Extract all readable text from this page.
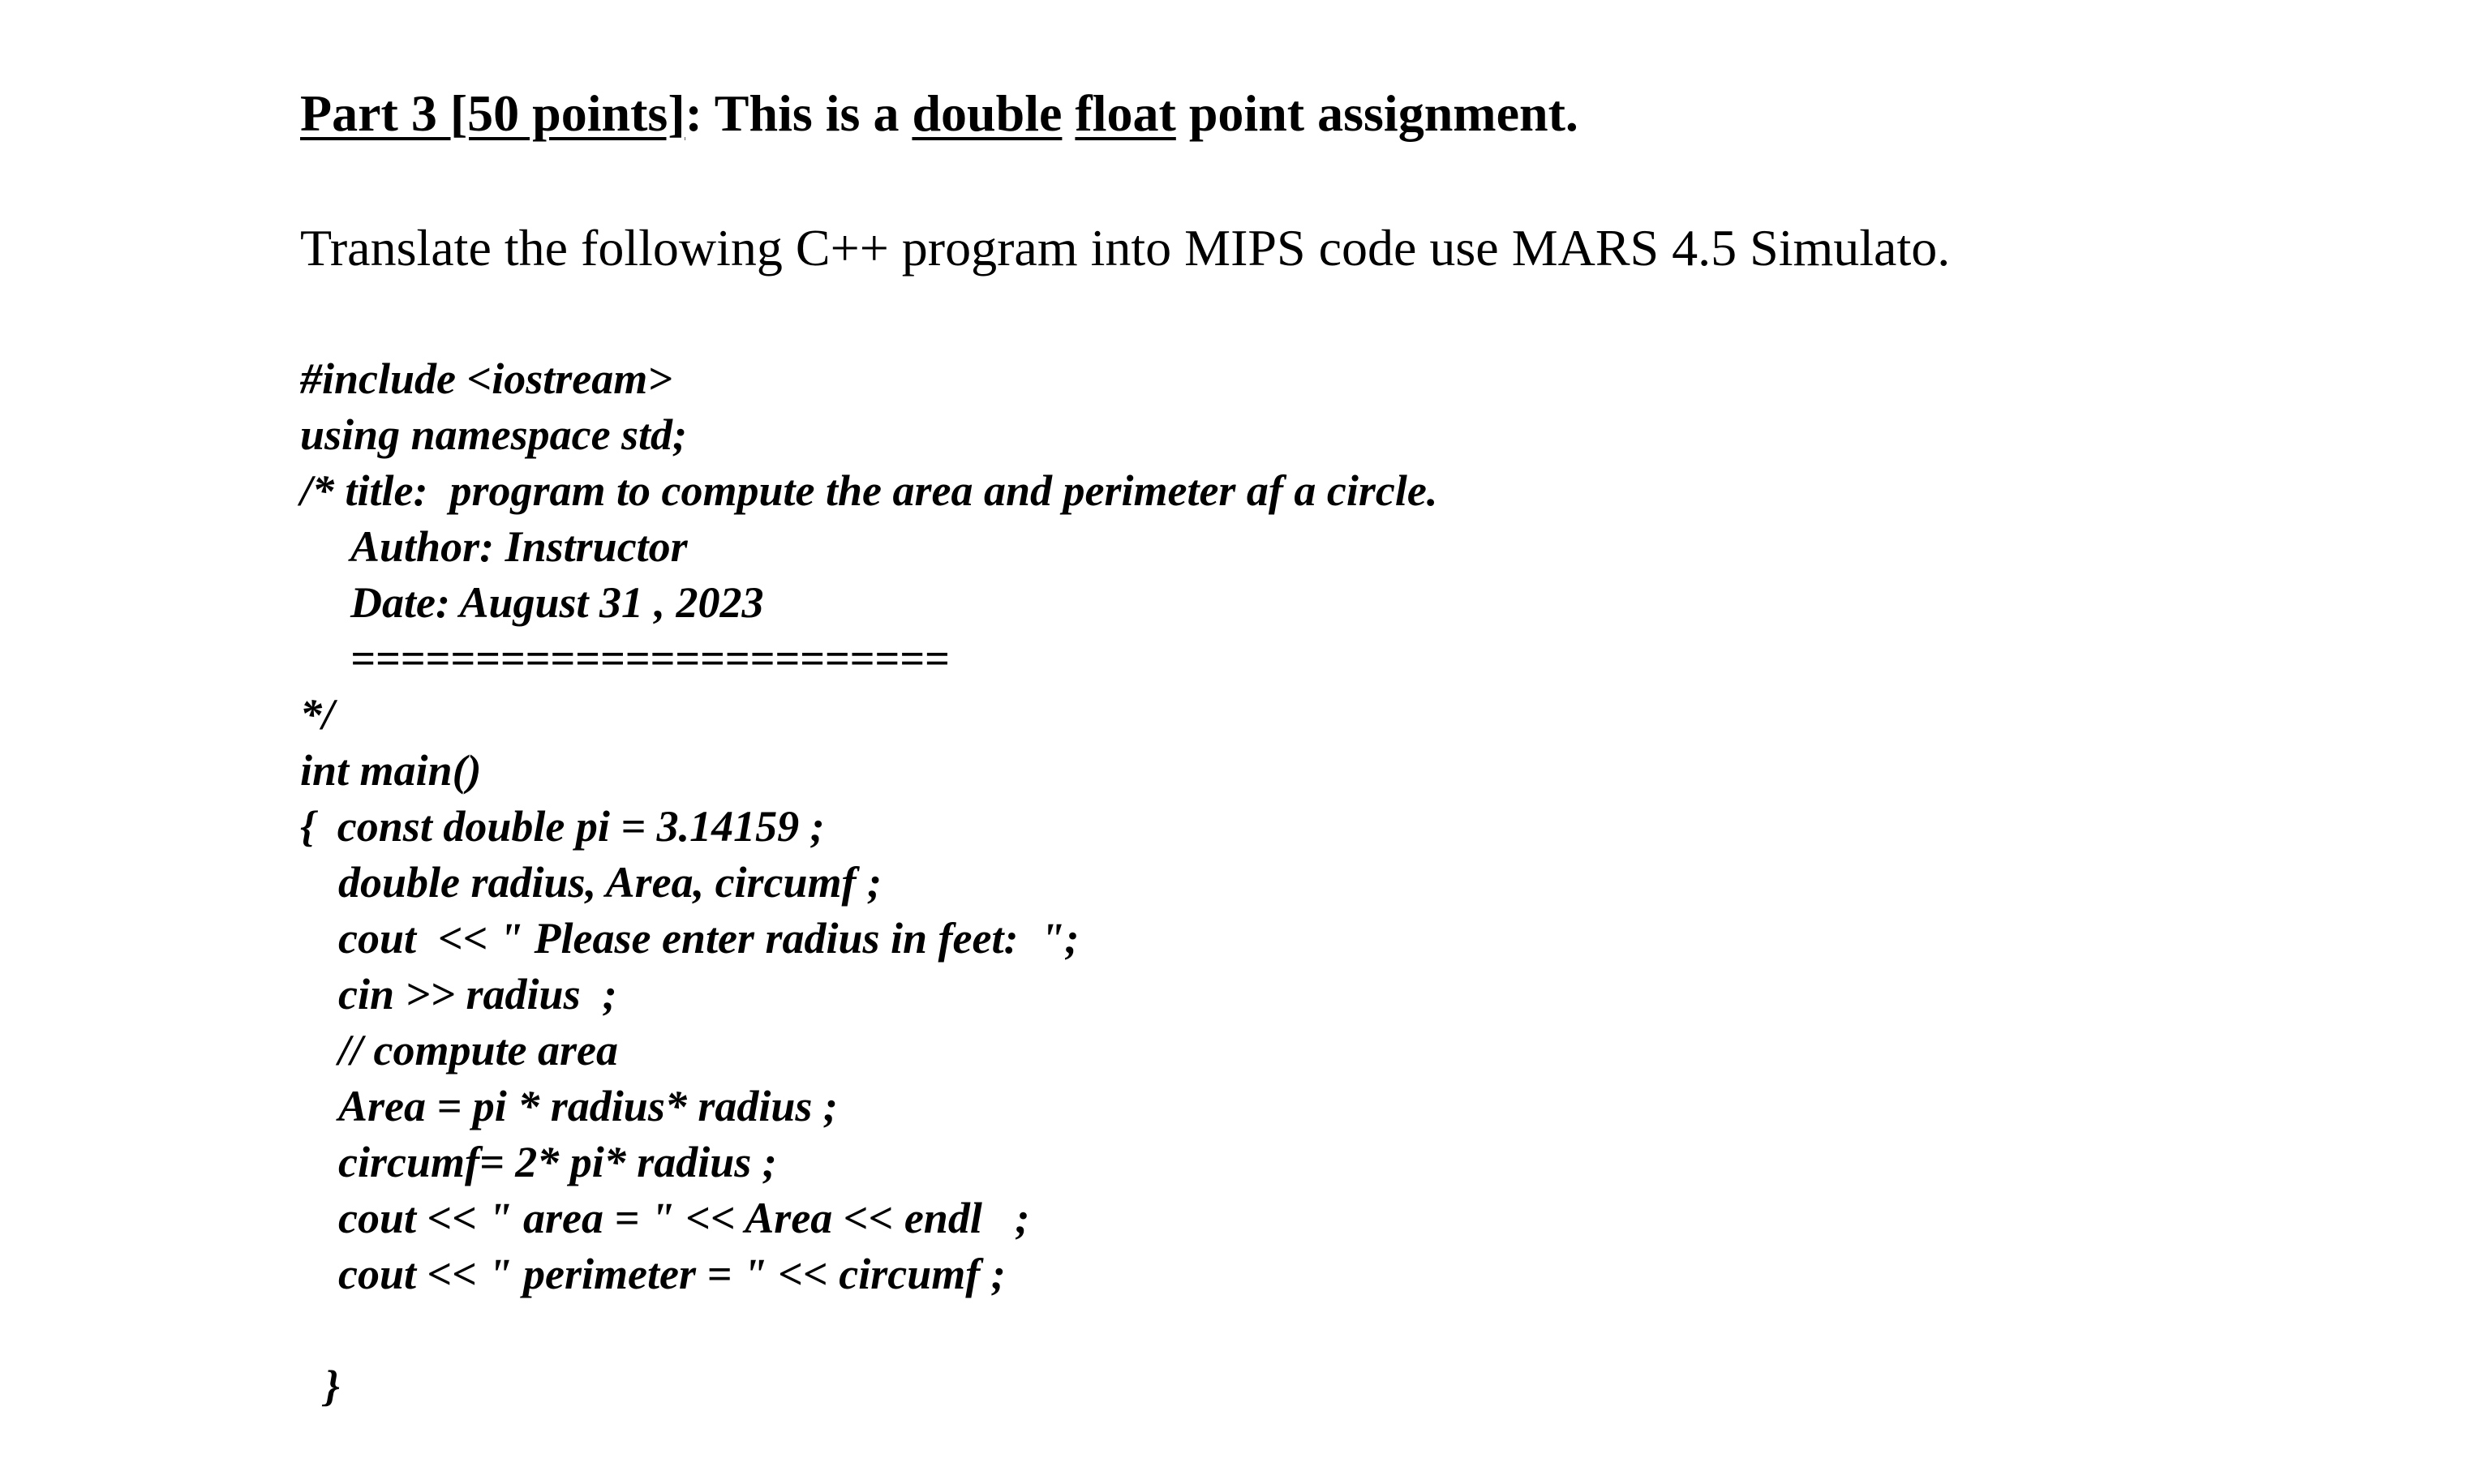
Part 3 [50 points]: This is a double float point assignment.
Translate the following C++ program into MIPS code use MARS 4.5 Simulato.
#include <iostream>
using namespace std;
/* title:  program to compute the area and perimeter af a circle.
Author: Instructor
Date: August 31 , 2023
========================
*/
int main()
{  const double pi = 3.14159 ;
double radius, Area, circumf ;
cout  << " Please enter radius in feet:  ";
cin >> radius  ;
// compute area
Area = pi * radius* radius ;
circumf= 2* pi* radius ;
cout << " area = " << Area << endl   ;
cout << " perimeter = " << circumf ;
}
